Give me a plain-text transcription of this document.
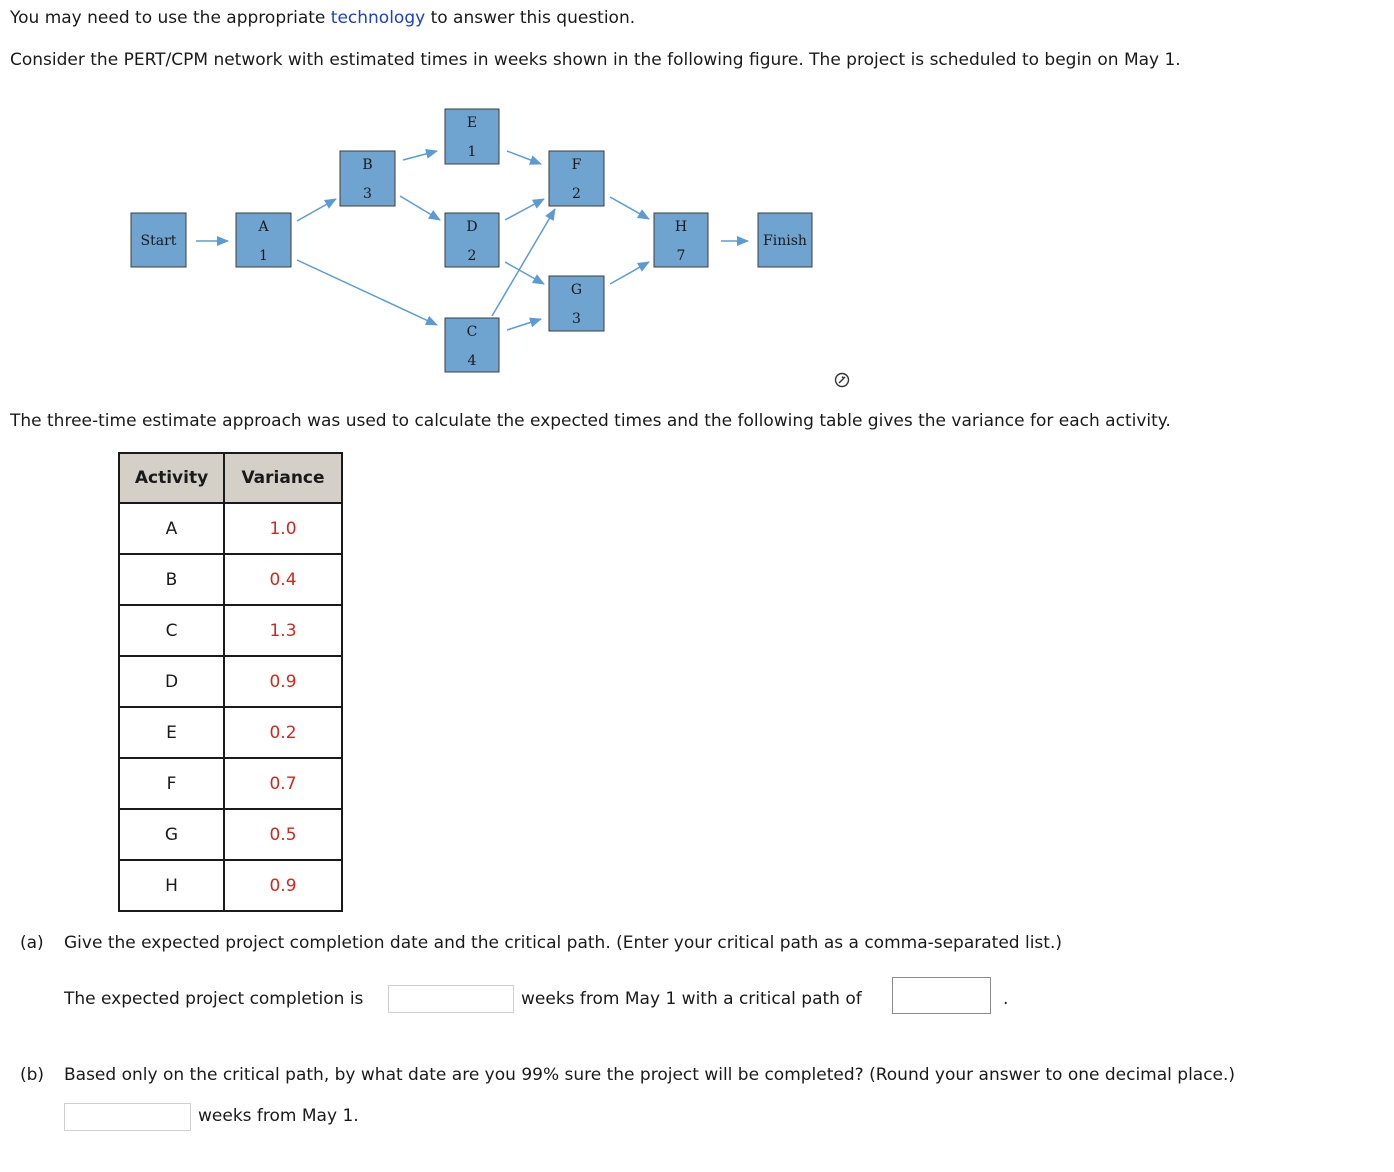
You may need to use the appropriate technology to answer this question.
Consider the PERT/CPM network with estimated times in weeks shown in the following figure. The project is scheduled to begin on May 1.
Start
A
1
B
3
E
1
D
2
C
4
F
2
G
3
H
7
Finish
The three-time estimate approach was used to calculate the expected times and the following table gives the variance for each activity.
Activity	Variance
A	1.0
B	0.4
C	1.3
D	0.9
E	0.2
F	0.7
G	0.5
H	0.9
(a) Give the expected project completion date and the critical path. (Enter your critical path as a comma-separated list.)
The expected project completion is	weeks from May 1 with a critical path of	.
(b) Based only on the critical path, by what date are you 99% sure the project will be completed? (Round your answer to one decimal place.)
weeks from May 1.
